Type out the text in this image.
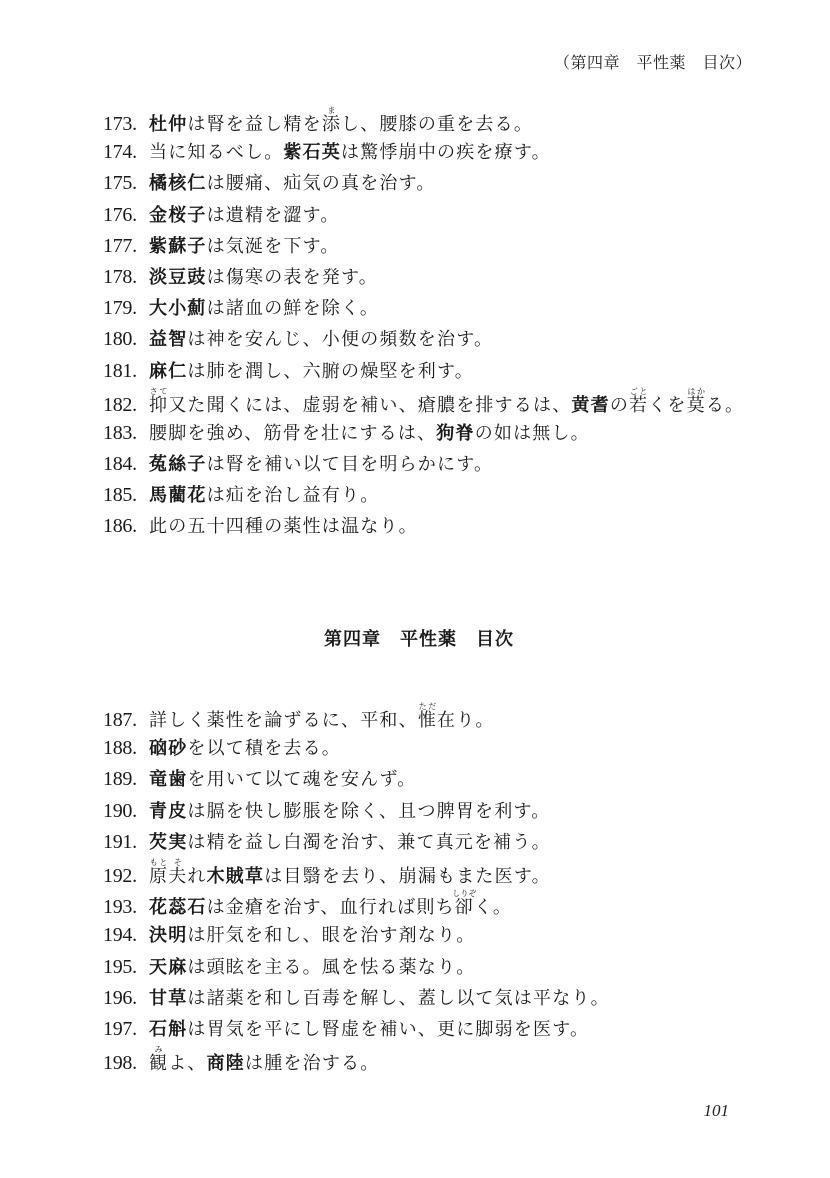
（第四章　平性薬　目次）
173. 杜仲は腎を益し精を添まし、腰膝の重を去る。
174. 当に知るべし。紫石英は驚悸崩中の疾を療す。
175. 橘核仁は腰痛、疝気の真を治す。
176. 金桜子は遺精を澀す。
177. 紫蘇子は気涎を下す。
178. 淡豆豉は傷寒の表を発す。
179. 大小薊は諸血の鮮を除く。
180. 益智は神を安んじ、小便の頻数を治す。
181. 麻仁は肺を潤し、六腑の燥堅を利す。
182. 抑さて又た聞くには、虚弱を補い、瘡膿を排するは、黄耆の若ごとくを莫はかる。
183. 腰脚を強め、筋骨を壮にするは、狗脊の如は無し。
184. 菟絲子は腎を補い以て目を明らかにす。
185. 馬藺花は疝を治し益有り。
186. 此の五十四種の薬性は温なり。
第四章　平性薬　目次
187. 詳しく薬性を論ずるに、平和、惟ただ在り。
188. 硇砂を以て積を去る。
189. 竜歯を用いて以て魂を安んず。
190. 青皮は膈を快し膨脹を除く、且つ脾胃を利す。
191. 芡実は精を益し白濁を治す、兼て真元を補う。
192. 原もと夫それ木賊草は目翳を去り、崩漏もまた医す。
193. 花蕊石は金瘡を治す、血行れば則ち卻しりぞく。
194. 決明は肝気を和し、眼を治す剤なり。
195. 天麻は頭眩を主る。風を怯る薬なり。
196. 甘草は諸薬を和し百毒を解し、蓋し以て気は平なり。
197. 石斛は胃気を平にし腎虚を補い、更に脚弱を医す。
198. 観みよ、商陸は腫を治する。
101
